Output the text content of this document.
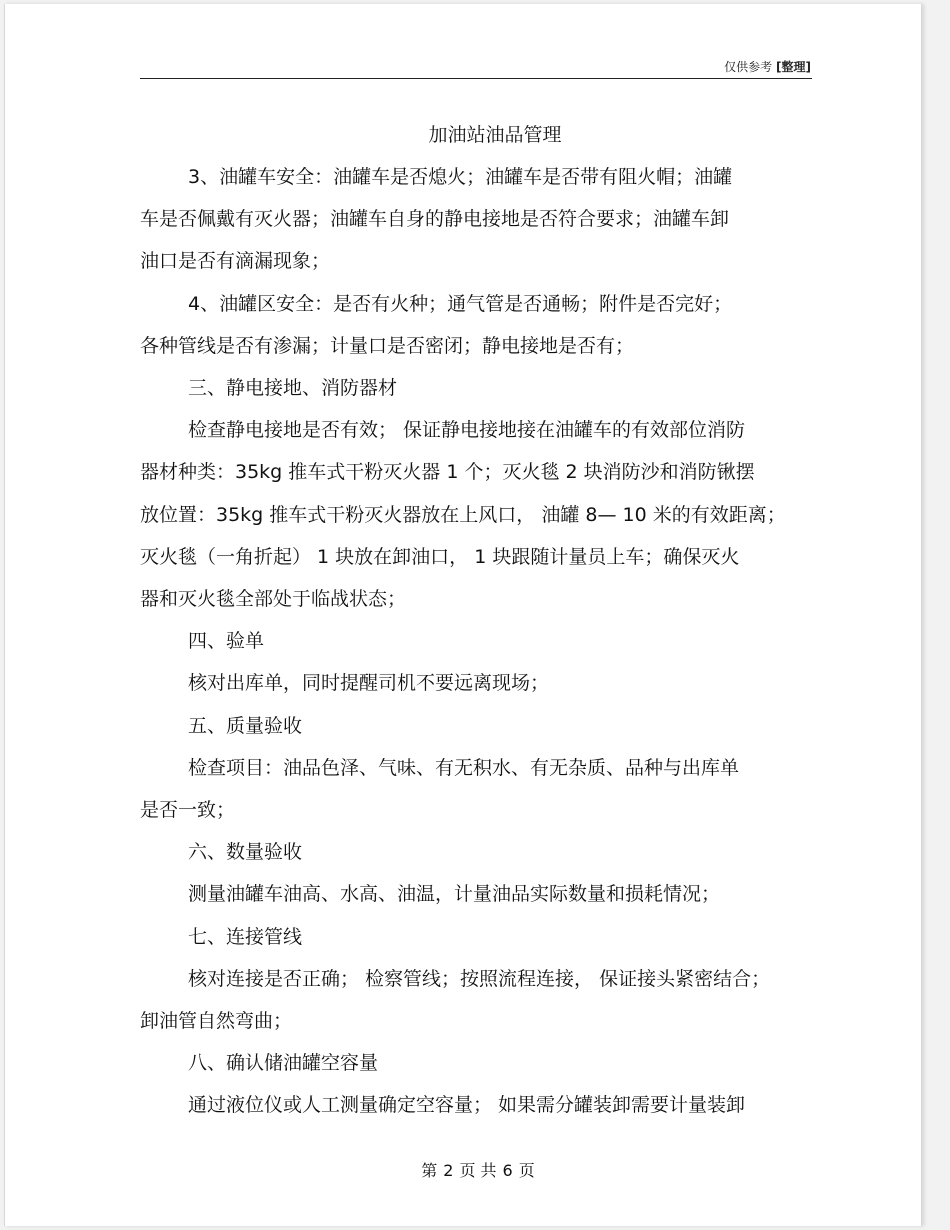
仅供参考 [整理]
加油站油品管理

3、油罐车安全：油罐车是否熄火；油罐车是否带有阻火帽；油罐

车是否佩戴有灭火器；油罐车自身的静电接地是否符合要求；油罐车卸

油口是否有滴漏现象；

4、油罐区安全：是否有火种；通气管是否通畅；附件是否完好；

各种管线是否有渗漏；计量口是否密闭；静电接地是否有；

三、静电接地、消防器材

检查静电接地是否有效； 保证静电接地接在油罐车的有效部位消防

器材种类：35kg 推车式干粉灭火器 1 个；灭火毯 2 块消防沙和消防锹摆

放位置：35kg 推车式干粉灭火器放在上风口， 油罐 8— 10 米的有效距离；

灭火毯（一角折起） 1 块放在卸油口， 1 块跟随计量员上车；确保灭火

器和灭火毯全部处于临战状态；

四、验单

核对出库单，同时提醒司机不要远离现场；

五、质量验收

检查项目：油品色泽、气味、有无积水、有无杂质、品种与出库单

是否一致；

六、数量验收

测量油罐车油高、水高、油温，计量油品实际数量和损耗情况；

七、连接管线

核对连接是否正确； 检察管线；按照流程连接， 保证接头紧密结合；

卸油管自然弯曲；

八、确认储油罐空容量

通过液位仪或人工测量确定空容量； 如果需分罐装卸需要计量装卸

第 2 页 共 6 页
